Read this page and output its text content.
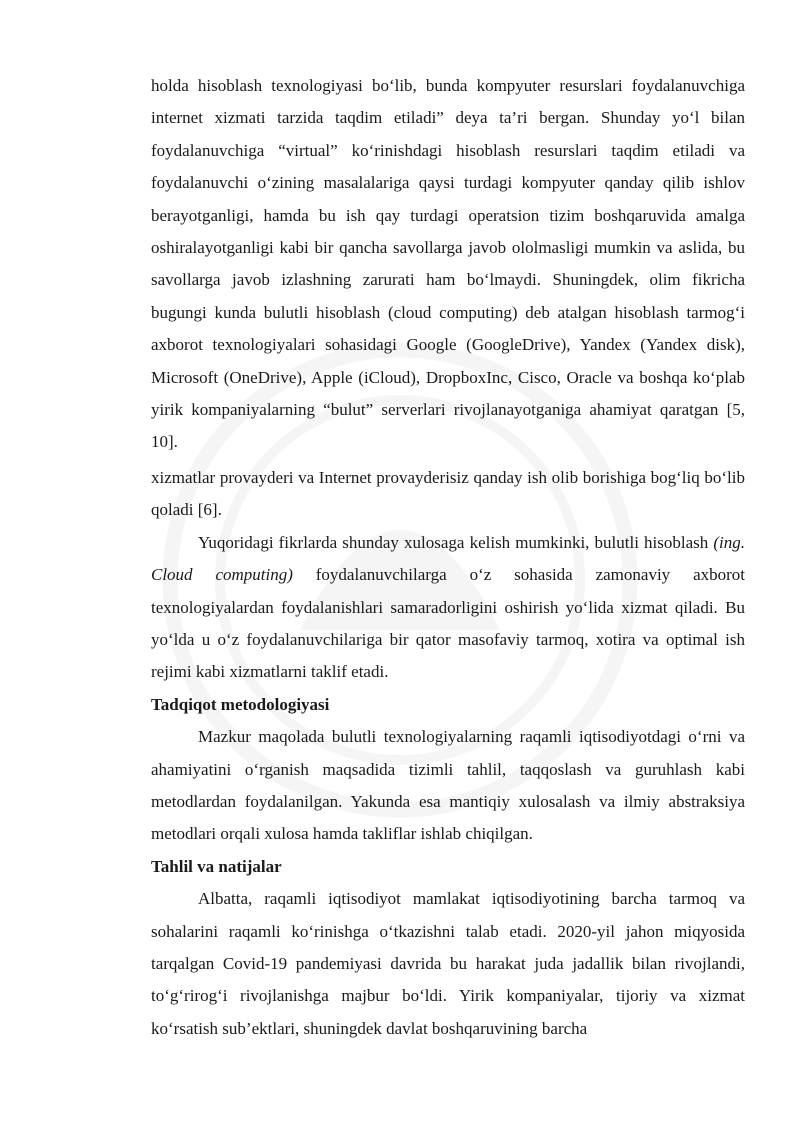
holda hisoblash texnologiyasi bo‘lib, bunda kompyuter resurslari foydalanuvchiga internet xizmati tarzida taqdim etiladi” deya ta’ri bergan. Shunday yo‘l bilan foydalanuvchiga “virtual” ko‘rinishdagi hisoblash resurslari taqdim etiladi va foydalanuvchi o‘zining masalalariga qaysi turdagi kompyuter qanday qilib ishlov berayotganligi, hamda bu ish qay turdagi operatsion tizim boshqaruvida amalga oshiralayotganligi kabi bir qancha savollarga javob ololmasligi mumkin va aslida, bu savollarga javob izlashning zarurati ham bo‘lmaydi. Shuningdek, olim fikricha bugungi kunda bulutli hisoblash (cloud computing) deb atalgan hisoblash tarmog‘i axborot texnologiyalari sohasidagi Google (GoogleDrive), Yandex (Yandex disk), Microsoft (OneDrive), Apple (iCloud), DropboxInc, Cisco, Oracle va boshqa ko‘plab yirik kompaniyalarning “bulut” serverlari rivojlanayotganiga ahamiyat qaratgan [5, 10].

xizmatlar provayderi va Internet provayderisiz qanday ish olib borishiga bog‘liq bo‘lib qoladi [6].

Yuqoridagi fikrlarda shunday xulosaga kelish mumkinki, bulutli hisoblash (ing. Cloud computing) foydalanuvchilarga o‘z sohasida zamonaviy axborot texnologiyalardan foydalanishlari samaradorligini oshirish yo‘lida xizmat qiladi. Bu yo‘lda u o‘z foydalanuvchilariga bir qator masofaviy tarmoq, xotira va optimal ish rejimi kabi xizmatlarni taklif etadi.

Tadqiqot metodologiyasi

Mazkur maqolada bulutli texnologiyalarning raqamli iqtisodiyotdagi o‘rni va ahamiyatini o‘rganish maqsadida tizimli tahlil, taqqoslash va guruhlash kabi metodlardan foydalanilgan. Yakunda esa mantiqiy xulosalash va ilmiy abstraksiya metodlari orqali xulosa hamda takliflar ishlab chiqilgan.

Tahlil va natijalar

Albatta, raqamli iqtisodiyot mamlakat iqtisodiyotining barcha tarmoq va sohalarini raqamli ko‘rinishga o‘tkazishni talab etadi. 2020-yil jahon miqyosida tarqalgan Covid-19 pandemiyasi davrida bu harakat juda jadallik bilan rivojlandi, to‘g‘rirog‘i rivojlanishga majbur bo‘ldi. Yirik kompaniyalar, tijoriy va xizmat ko‘rsatish sub’ektlari, shuningdek davlat boshqaruvining barcha
